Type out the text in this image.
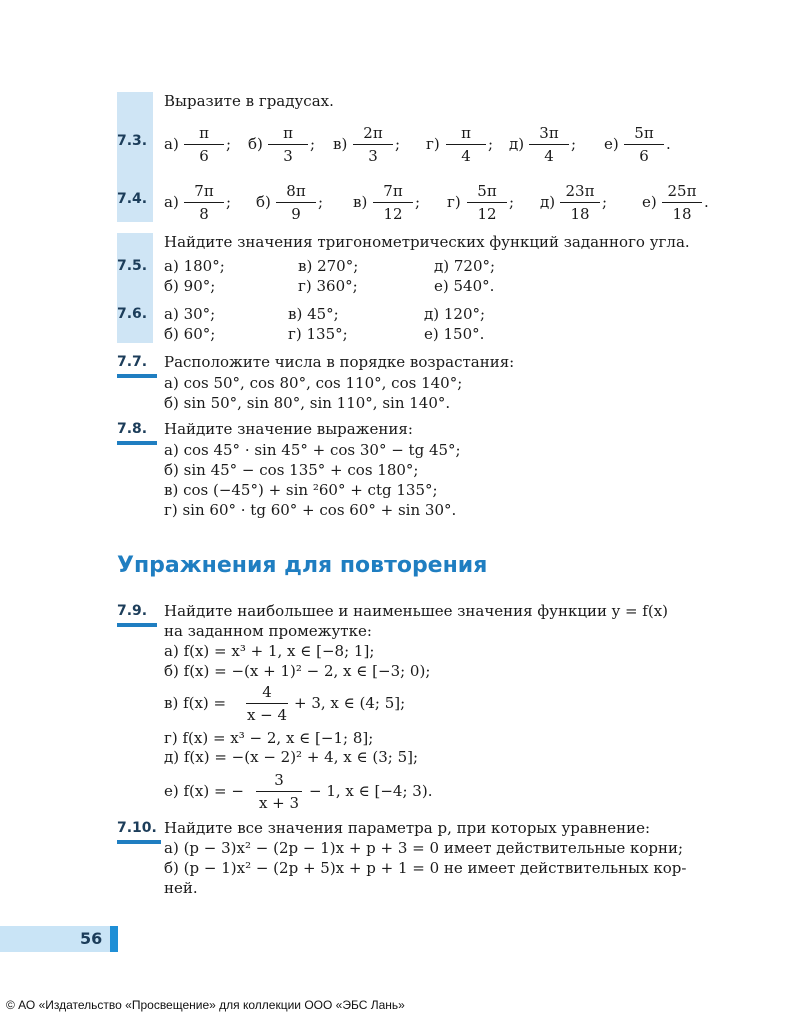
Выразите в градусах.
7.3. а)
π
6
; б)
π
3
; в)
2π
3
; г)
π
4
; д)
3π
4
; е)
5π
6
.
7.4. а)
7π
8
; б)
8π
9
; в)
7π
12
; г)
5π
12
; д)
23π
18
; е)
25π
18
.
Найдите значения тригонометрических функций заданного угла.
7.5. а) 180°;
б) 90°;
в) 270°;
г) 360°;
д) 720°;
е) 540°.
7.6. а) 30°;
б) 60°;
в) 45°;
г) 135°;
д) 120°;
е) 150°.
7.7. Расположите числа в порядке возрастания:
а) cos 50°, cos 80°, cos 110°, cos 140°;
б) sin 50°, sin 80°, sin 110°, sin 140°.
7.8. Найдите значение выражения:
а) cos 45° · sin 45° + cos 30° − tg 45°;
б) sin 45° − cos 135° + cos 180°;
в) cos (−45°) + sin ²60° + ctg 135°;
г) sin 60° · tg 60° + cos 60° + sin 30°.
Упражнения для повторения
7.9. Найдите наибольшее и наименьшее значения функции y = f(x)
на заданном промежутке:
а) f(x) = x³ + 1, x ∈ [−8; 1];
б) f(x) = −(x + 1)² − 2, x ∈ [−3; 0);
в) f(x) =
4
x − 4
+ 3, x ∈ (4; 5];
г) f(x) = x³ − 2, x ∈ [−1; 8];
д) f(x) = −(x − 2)² + 4, x ∈ (3; 5];
е) f(x) = −
3
x + 3
− 1, x ∈ [−4; 3).
7.10. Найдите все значения параметра p, при которых уравнение:
а) (p − 3)x² − (2p − 1)x + p + 3 = 0 имеет действительные корни;
б) (p − 1)x² − (2p + 5)x + p + 1 = 0 не имеет действительных кор-
ней.
56
© АО «Издательство «Просвещение» для коллекции ООО «ЭБС Лань»
